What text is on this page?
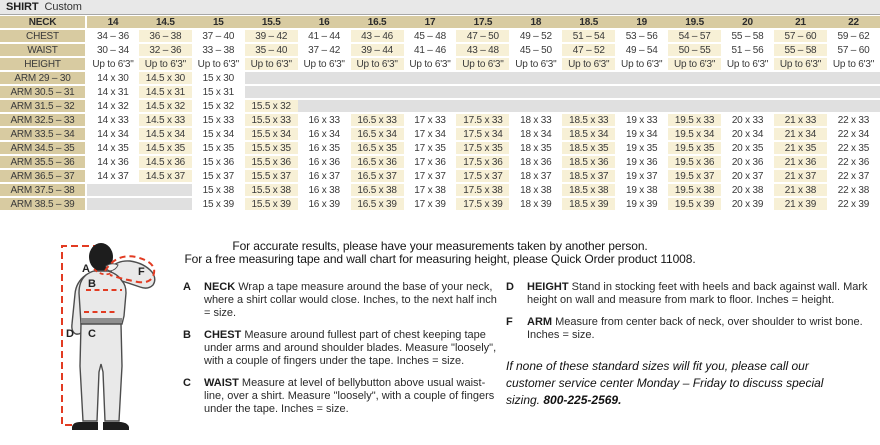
SHIRT Custom
NECK	14	14.5	15	15.5	16	16.5	17	17.5	18	18.5	19	19.5	20	21	22
CHEST	34 – 36	36 – 38	37 – 40	39 – 42	41 – 44	43 – 46	45 – 48	47 – 50	49 – 52	51 – 54	53 – 56	54 – 57	55 – 58	57 – 60	59 – 62
WAIST	30 – 34	32 – 36	33 – 38	35 – 40	37 – 42	39 – 44	41 – 46	43 – 48	45 – 50	47 – 52	49 – 54	50 – 55	51 – 56	55 – 58	57 – 60
HEIGHT	Up to 6'3"	Up to 6'3"	Up to 6'3"	Up to 6'3"	Up to 6'3"	Up to 6'3"	Up to 6'3"	Up to 6'3"	Up to 6'3"	Up to 6'3"	Up to 6'3"	Up to 6'3"	Up to 6'3"	Up to 6'3"	Up to 6'3"
ARM 29 – 30	14 x 30	14.5 x 30	15 x 30												
ARM 30.5 – 31	14 x 31	14.5 x 31	15 x 31												
ARM 31.5 – 32	14 x 32	14.5 x 32	15 x 32	15.5 x 32											
ARM 32.5 – 33	14 x 33	14.5 x 33	15 x 33	15.5 x 33	16 x 33	16.5 x 33	17 x 33	17.5 x 33	18 x 33	18.5 x 33	19 x 33	19.5 x 33	20 x 33	21 x 33	22 x 33
ARM 33.5 – 34	14 x 34	14.5 x 34	15 x 34	15.5 x 34	16 x 34	16.5 x 34	17 x 34	17.5 x 34	18 x 34	18.5 x 34	19 x 34	19.5 x 34	20 x 34	21 x 34	22 x 34
ARM 34.5 – 35	14 x 35	14.5 x 35	15 x 35	15.5 x 35	16 x 35	16.5 x 35	17 x 35	17.5 x 35	18 x 35	18.5 x 35	19 x 35	19.5 x 35	20 x 35	21 x 35	22 x 35
ARM 35.5 – 36	14 x 36	14.5 x 36	15 x 36	15.5 x 36	16 x 36	16.5 x 36	17 x 36	17.5 x 36	18 x 36	18.5 x 36	19 x 36	19.5 x 36	20 x 36	21 x 36	22 x 36
ARM 36.5 – 37	14 x 37	14.5 x 37	15 x 37	15.5 x 37	16 x 37	16.5 x 37	17 x 37	17.5 x 37	18 x 37	18.5 x 37	19 x 37	19.5 x 37	20 x 37	21 x 37	22 x 37
ARM 37.5 – 38			15 x 38	15.5 x 38	16 x 38	16.5 x 38	17 x 38	17.5 x 38	18 x 38	18.5 x 38	19 x 38	19.5 x 38	20 x 38	21 x 38	22 x 38
ARM 38.5 – 39			15 x 39	15.5 x 39	16 x 39	16.5 x 39	17 x 39	17.5 x 39	18 x 39	18.5 x 39	19 x 39	19.5 x 39	20 x 39	21 x 39	22 x 39
A	F
B
D C
For accurate results, please have your measurements taken by another person.
For a free measuring tape and wall chart for measuring height, please Quick Order product 11008.
A	NECK Wrap a tape measure around the base of your neck, where a shirt collar would close. Inches, to the next half inch = size.

B	CHEST Measure around fullest part of chest keeping tape under arms and around shoulder blades. Measure "loosely", with a couple of fingers under the tape. Inches = size.

C	WAIST Measure at level of bellybutton above usual waist-line, over a shirt. Measure "loosely", with a couple of fingers under the tape. Inches = size.

D	HEIGHT Stand in stocking feet with heels and back against wall. Mark height on wall and measure from mark to floor. Inches = height.

F	ARM Measure from center back of neck, over shoulder to wrist bone. Inches = size.

If none of these standard sizes will fit you, please call our customer service center Monday – Friday to discuss special sizing. 800-225-2569.
